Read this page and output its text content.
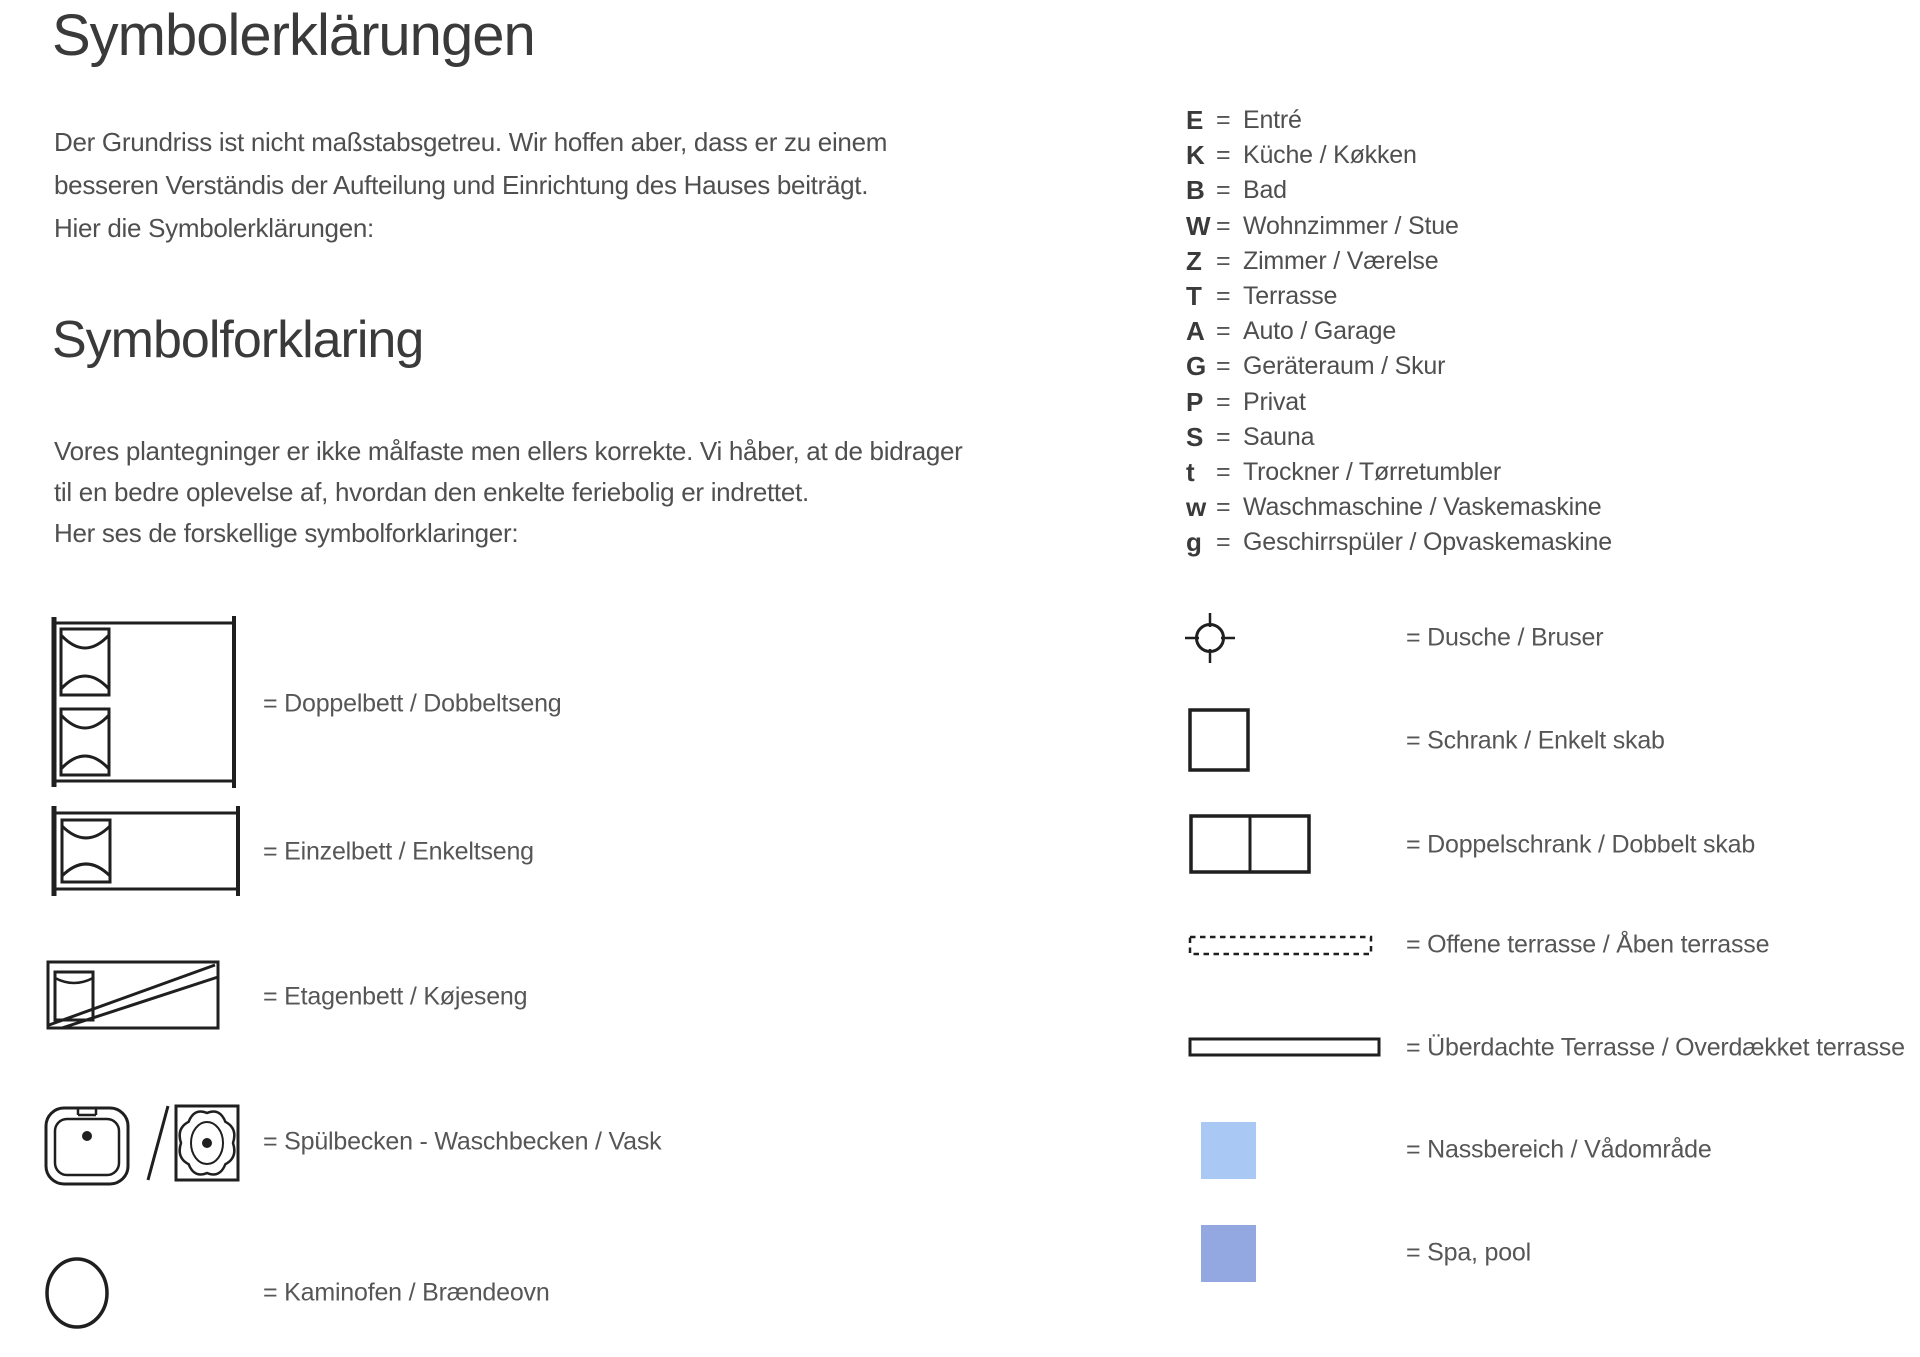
Symbolerklärungen
Der Grundriss ist nicht maßstabsgetreu. Wir hoffen aber, dass er zu einem
besseren Verständis der Aufteilung und Einrichtung des Hauses beiträgt.
Hier die Symbolerklärungen:
Symbolforklaring
Vores plantegninger er ikke målfaste men ellers korrekte. Vi håber, at de bidrager
til en bedre oplevelse af, hvordan den enkelte feriebolig er indrettet.
Her ses de forskellige symbolforklaringer:
E = Entré
K = Küche / Køkken
B = Bad
W = Wohnzimmer / Stue
Z = Zimmer / Værelse
T = Terrasse
A = Auto / Garage
G = Geräteraum / Skur
P = Privat
S = Sauna
t = Trockner / Tørretumbler
w = Waschmaschine / Vaskemaskine
g = Geschirrspüler / Opvaskemaskine
= Doppelbett / Dobbeltseng
= Einzelbett / Enkeltseng
= Etagenbett / Køjeseng
= Spülbecken - Waschbecken / Vask
= Kaminofen / Brændeovn
= Dusche / Bruser
= Schrank / Enkelt skab
= Doppelschrank / Dobbelt skab
= Offene terrasse / Åben terrasse
= Überdachte Terrasse / Overdækket terrasse
= Nassbereich / Vådområde
= Spa, pool
